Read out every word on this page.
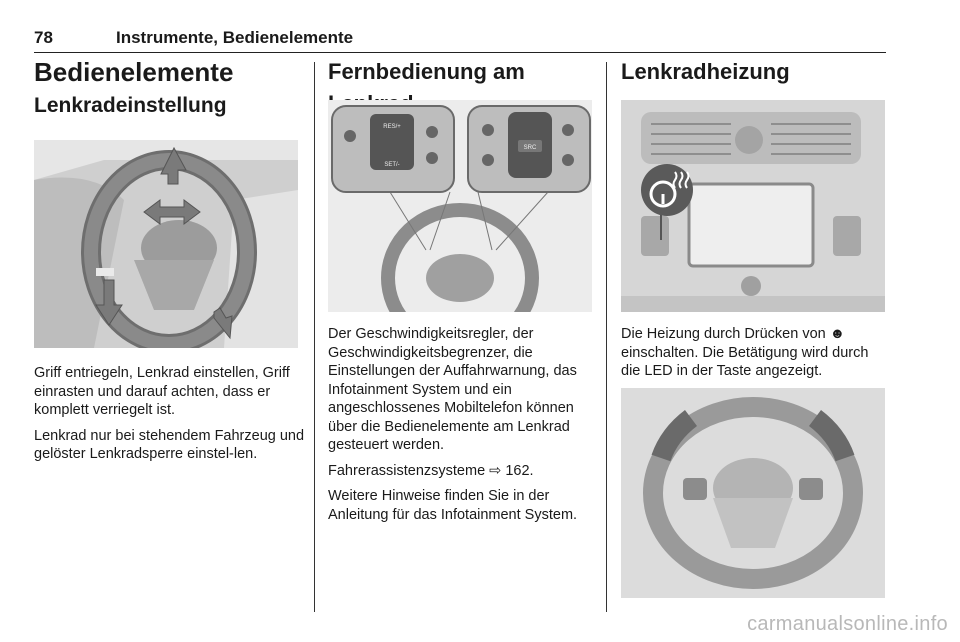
78	Instrumente, Bedienelemente
Bedienelemente
Lenkradeinstellung

Griff entriegeln, Lenkrad einstellen, Griff einrasten und darauf achten, dass er komplett verriegelt ist.

Lenkrad nur bei stehendem Fahrzeug und gelöster Lenkradsperre einstel-len.

Fernbedienung am
RES/+
SET/-
SRC

Der Geschwindigkeitsregler, der Geschwindigkeitsbegrenzer, die Einstellungen der Auffahrwarnung, das Infotainment System und ein angeschlossenes Mobiltelefon können über die Bedienelemente am Lenkrad gesteuert werden.

Fahrerassistenzsysteme ⇨ 162.

Weitere Hinweise finden Sie in der Anleitung für das Infotainment System.

Lenkradheizung

Die Heizung durch Drücken von ☻ einschalten. Die Betätigung wird durch die LED in der Taste angezeigt.

carmanualsonline.info
